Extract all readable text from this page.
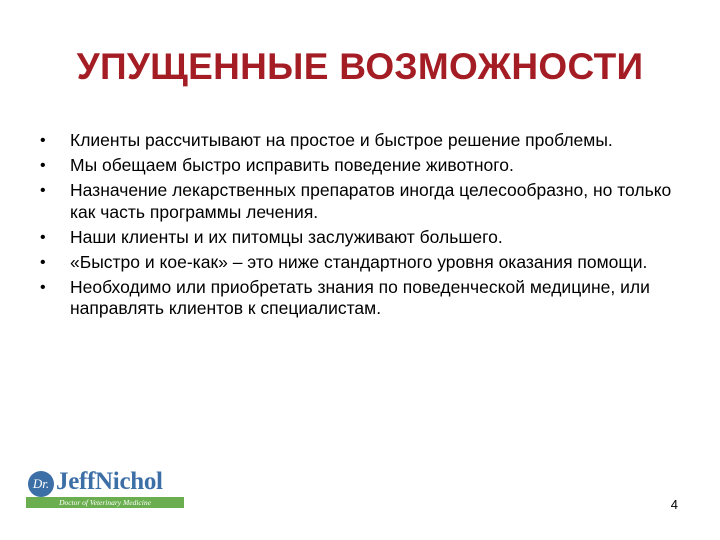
УПУЩЕННЫЕ ВОЗМОЖНОСТИ
•	Клиенты рассчитывают на простое и быстрое решение проблемы.
•	Мы обещаем быстро исправить поведение животного.
•	Назначение лекарственных препаратов иногда целесообразно, но только как часть программы лечения.
•	Наши клиенты и их питомцы заслуживают большего.
•	«Быстро и кое-как» – это ниже стандартного уровня оказания помощи.
•	Необходимо или приобретать знания по поведенческой медицине, или направлять клиентов к специалистам.
Dr. JeffNichol
Doctor of Veterinary Medicine	4
